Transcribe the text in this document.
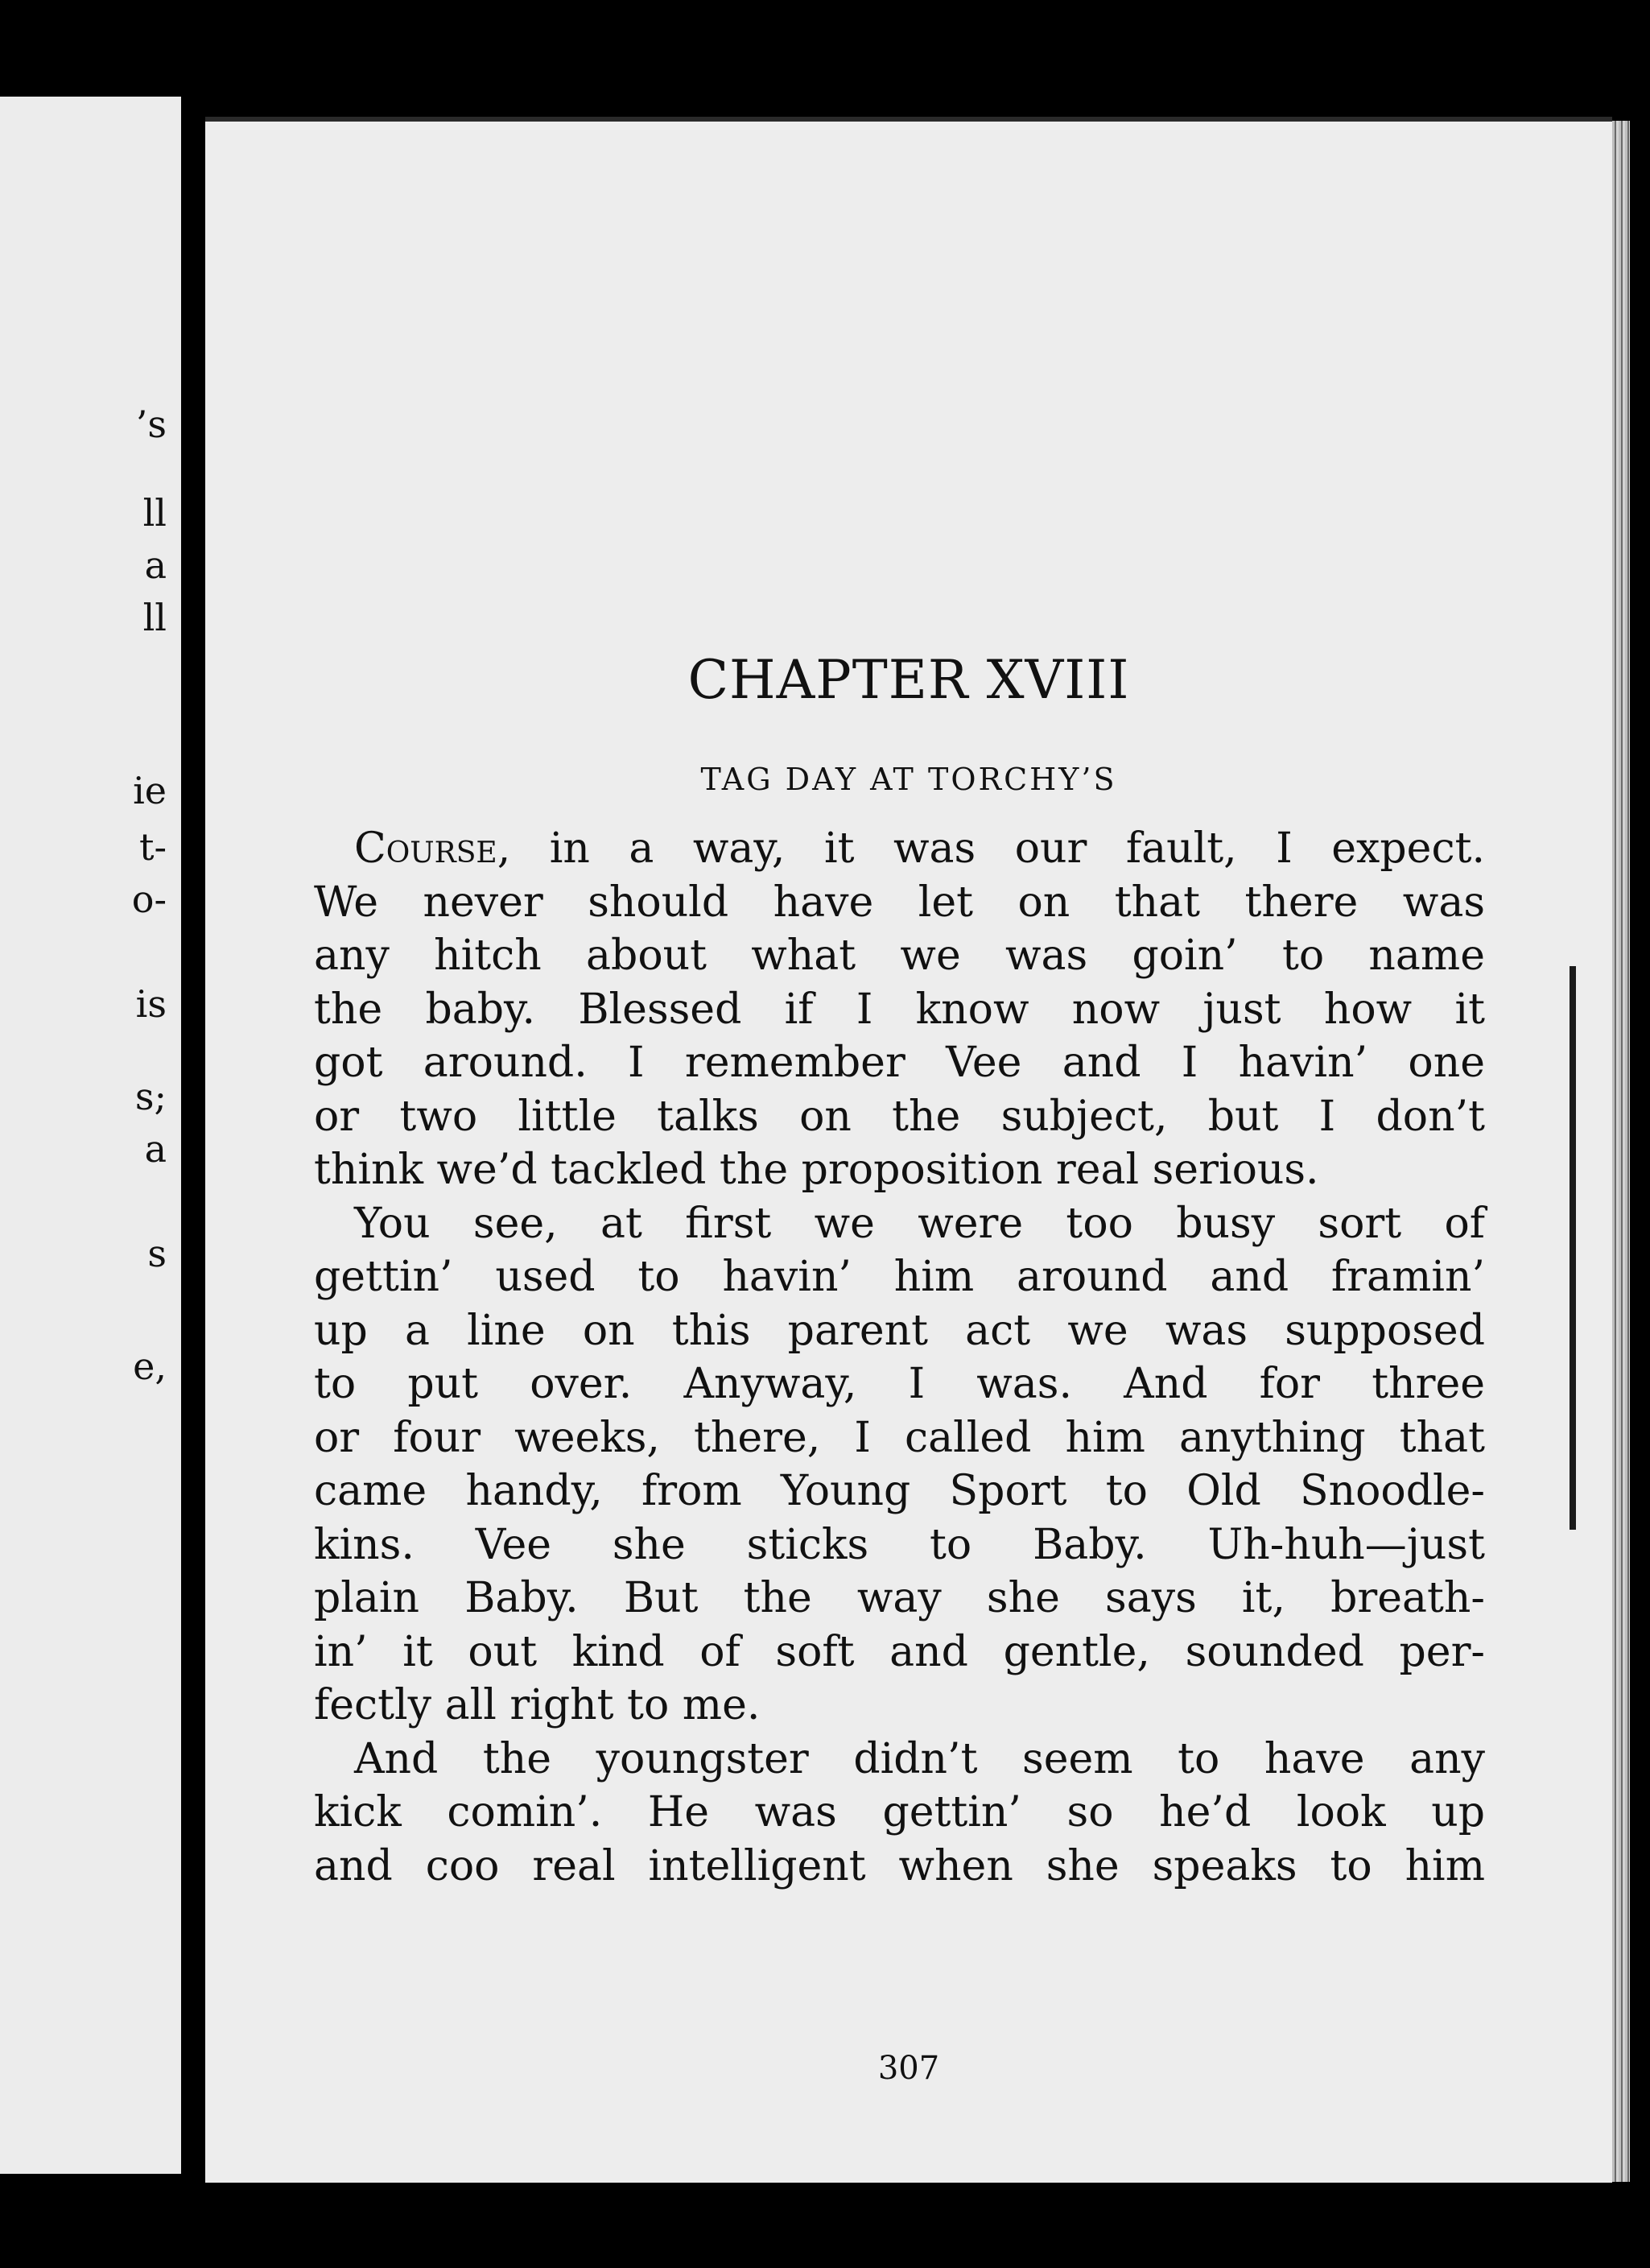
’s
ll
a
ll
ie
t-
o-
is
s;
a
s
e,
CHAPTER XVIII
TAG DAY AT TORCHY’S
Course, in a way, it was our fault, I expect.
We never should have let on that there was
any hitch about what we was goin’ to name
the baby. Blessed if I know now just how it
got around. I remember Vee and I havin’ one
or two little talks on the subject, but I don’t
think we’d tackled the proposition real serious.
You see, at first we were too busy sort of
gettin’ used to havin’ him around and framin’
up a line on this parent act we was supposed
to put over. Anyway, I was. And for three
or four weeks, there, I called him anything that
came handy, from Young Sport to Old Snoodle-
kins. Vee she sticks to Baby. Uh-huh—just
plain Baby. But the way she says it, breath-
in’ it out kind of soft and gentle, sounded per-
fectly all right to me.
And the youngster didn’t seem to have any
kick comin’. He was gettin’ so he’d look up
and coo real intelligent when she speaks to him
307
